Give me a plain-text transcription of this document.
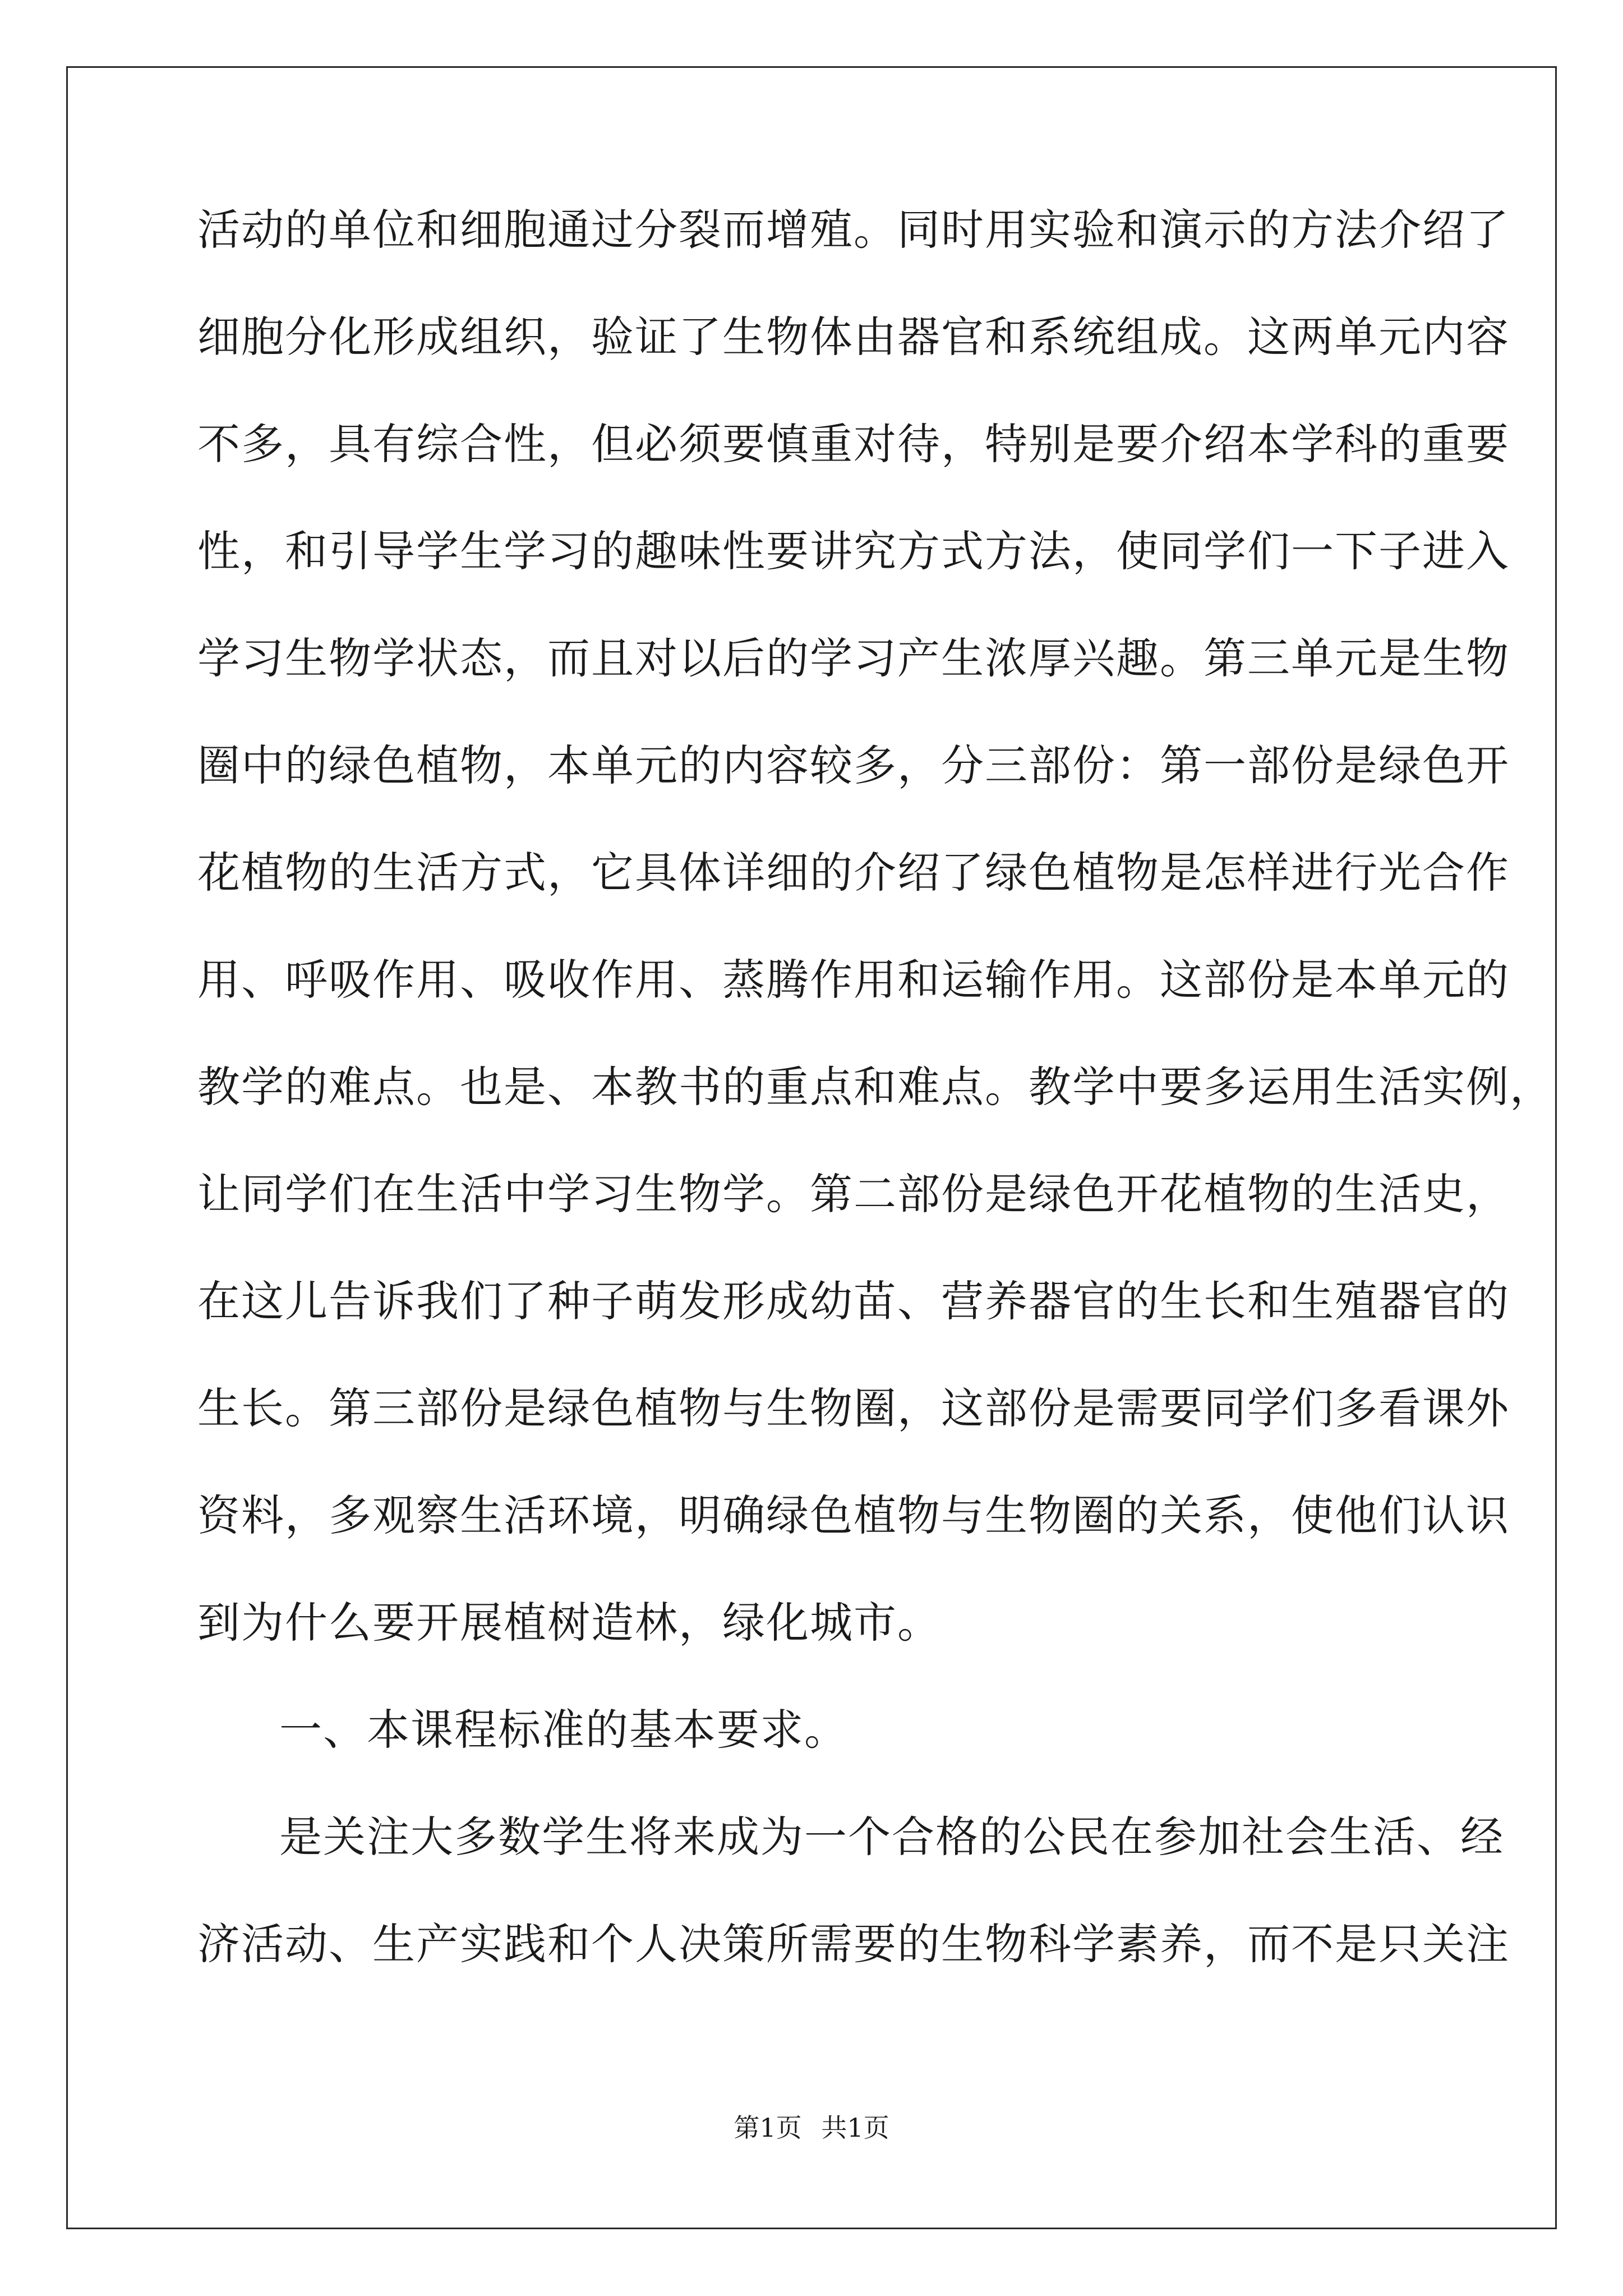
活动的单位和细胞通过分裂而增殖。同时用实验和演示的方法介绍了
细胞分化形成组织，验证了生物体由器官和系统组成。这两单元内容
不多，具有综合性，但必须要慎重对待，特别是要介绍本学科的重要
性，和引导学生学习的趣味性要讲究方式方法，使同学们一下子进入
学习生物学状态，而且对以后的学习产生浓厚兴趣。第三单元是生物
圈中的绿色植物，本单元的内容较多，分三部份：第一部份是绿色开
花植物的生活方式，它具体详细的介绍了绿色植物是怎样进行光合作
用、呼吸作用、吸收作用、蒸腾作用和运输作用。这部份是本单元的
教学的难点。也是、本教书的重点和难点。教学中要多运用生活实例，
让同学们在生活中学习生物学。第二部份是绿色开花植物的生活史，
在这儿告诉我们了种子萌发形成幼苗、营养器官的生长和生殖器官的
生长。第三部份是绿色植物与生物圈，这部份是需要同学们多看课外
资料，多观察生活环境，明确绿色植物与生物圈的关系，使他们认识
到为什么要开展植树造林，绿化城市。
一、本课程标准的基本要求。
是关注大多数学生将来成为一个合格的公民在参加社会生活、经
济活动、生产实践和个人决策所需要的生物科学素养，而不是只关注
第1页 共1页
